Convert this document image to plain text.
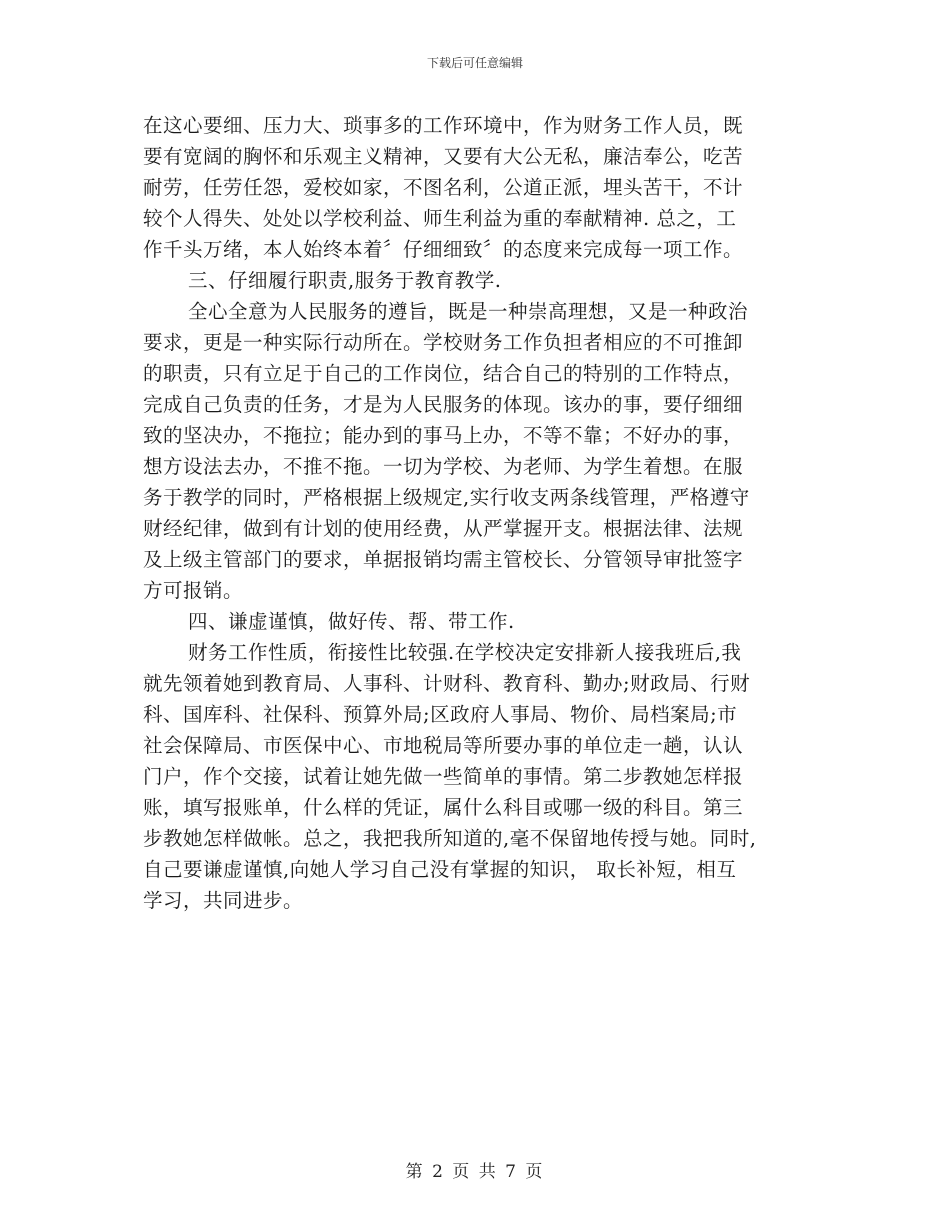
下载后可任意编辑
在这心要细、压力大、琐事多的工作环境中，作为财务工作人员，既
要有宽阔的胸怀和乐观主义精神，又要有大公无私，廉洁奉公，吃苦
耐劳，任劳任怨，爱校如家，不图名利，公道正派，埋头苦干，不计
较个人得失、处处以学校利益、师生利益为重的奉献精神. 总之，工
作千头万绪，本人始终本着〞仔细细致〞的态度来完成每一项工作。
三、仔细履行职责,服务于教育教学.
全心全意为人民服务的遵旨，既是一种崇高理想，又是一种政治
要求，更是一种实际行动所在。学校财务工作负担者相应的不可推卸
的职责，只有立足于自己的工作岗位，结合自己的特别的工作特点，
完成自己负责的任务，才是为人民服务的体现。该办的事，要仔细细
致的坚决办，不拖拉；能办到的事马上办，不等不靠；不好办的事，
想方设法去办，不推不拖。一切为学校、为老师、为学生着想。在服
务于教学的同时，严格根据上级规定,实行收支两条线管理，严格遵守
财经纪律，做到有计划的使用经费，从严掌握开支。根据法律、法规
及上级主管部门的要求，单据报销均需主管校长、分管领导审批签字
方可报销。
四、谦虚谨慎，做好传、帮、带工作.
财务工作性质，衔接性比较强.在学校决定安排新人接我班后,我
就先领着她到教育局、人事科、计财科、教育科、勤办;财政局、行财
科、国库科、社保科、预算外局;区政府人事局、物价、局档案局;市
社会保障局、市医保中心、市地税局等所要办事的单位走一趟，认认
门户，作个交接，试着让她先做一些简单的事情。第二步教她怎样报
账，填写报账单，什么样的凭证，属什么科目或哪一级的科目。第三
步教她怎样做帐。总之，我把我所知道的,毫不保留地传授与她。同时,
自己要谦虚谨慎,向她人学习自己没有掌握的知识， 取长补短，相互
学习，共同进步。
第 2 页 共 7 页
